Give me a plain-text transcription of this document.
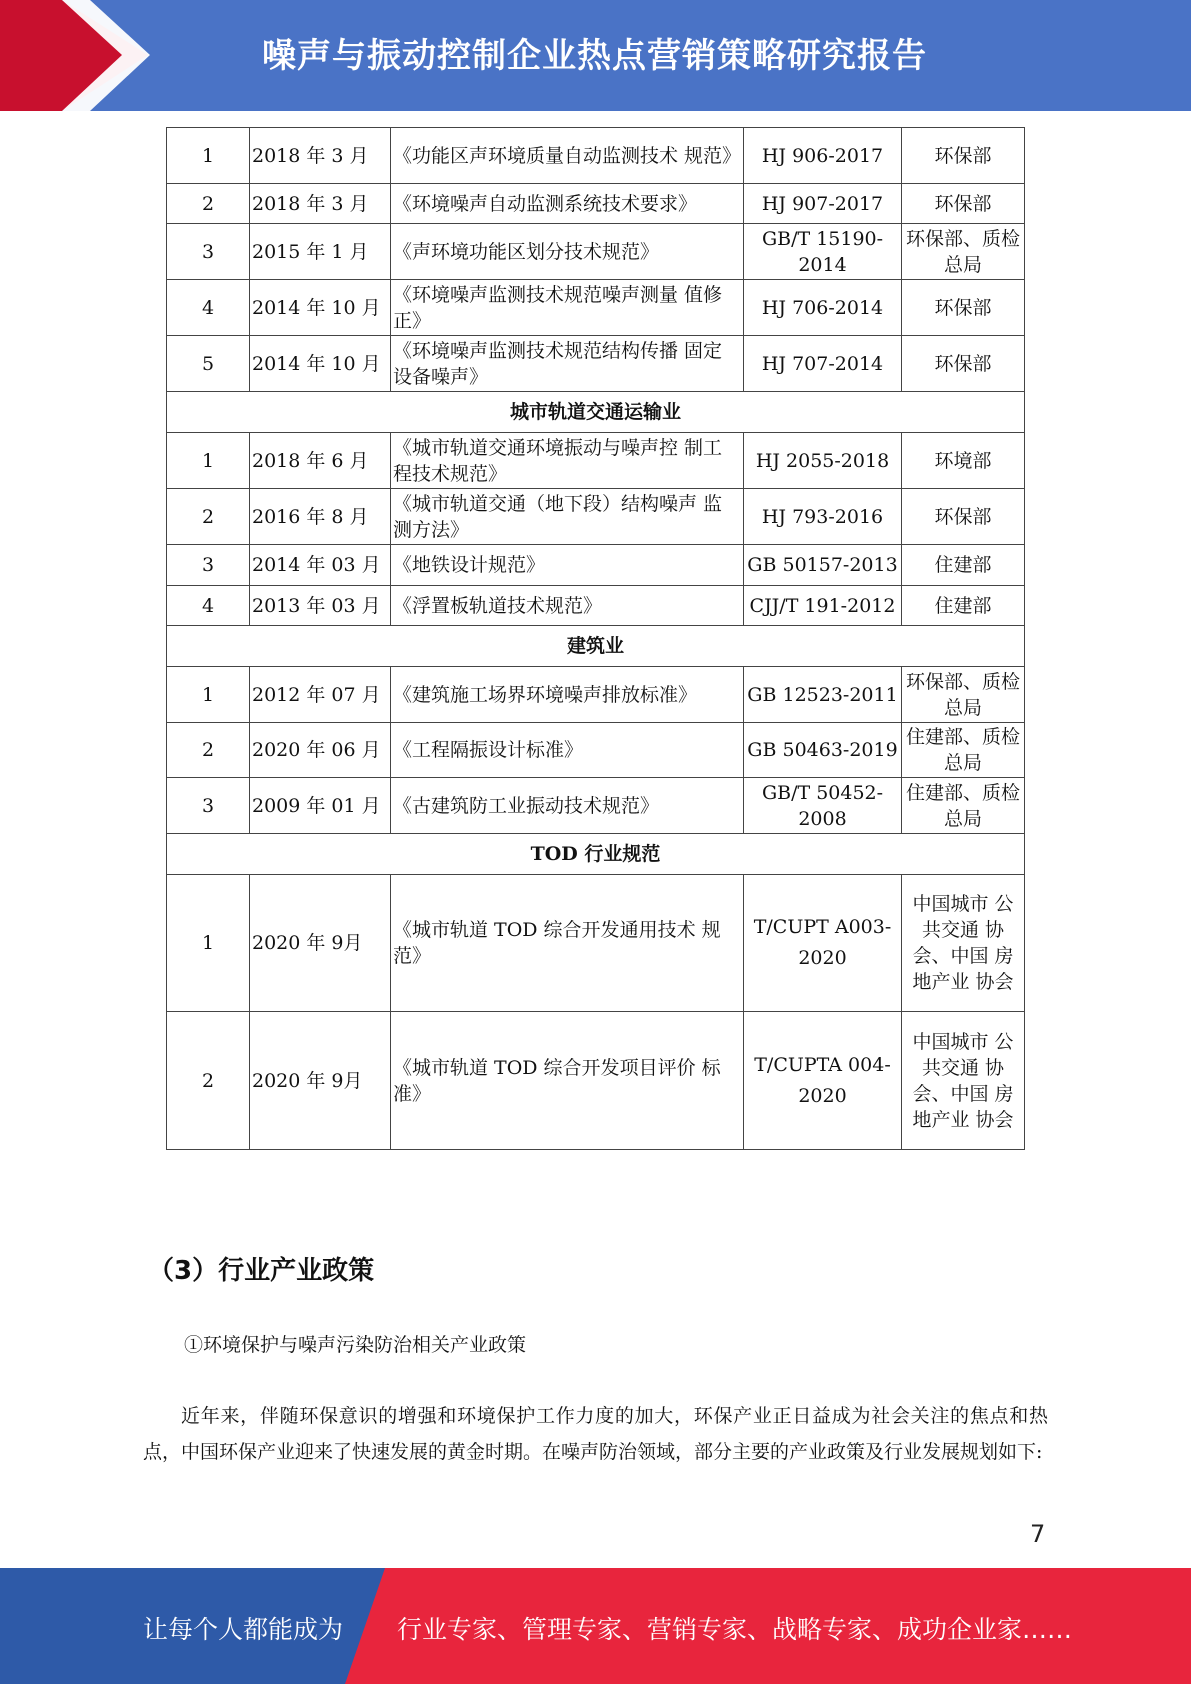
噪声与振动控制企业热点营销策略研究报告
1	2018 年 3 月	《功能区声环境质量自动监测技术 规范》	HJ 906-2017	环保部
2	2018 年 3 月	《环境噪声自动监测系统技术要求》	HJ 907-2017	环保部
3	2015 年 1 月	《声环境功能区划分技术规范》	GB/T 15190-2014	环保部、质检总局
4	2014 年 10 月	《环境噪声监测技术规范噪声测量 值修正》	HJ 706-2014	环保部
5	2014 年 10 月	《环境噪声监测技术规范结构传播 固定设备噪声》	HJ 707-2014	环保部
城市轨道交通运输业				
1	2018 年 6 月	《城市轨道交通环境振动与噪声控 制工程技术规范》	HJ 2055-2018	环境部
2	2016 年 8 月	《城市轨道交通（地下段）结构噪声 监测方法》	HJ 793-2016	环保部
3	2014 年 03 月	《地铁设计规范》	GB 50157-2013	住建部
4	2013 年 03 月	《浮置板轨道技术规范》	CJJ/T 191-2012	住建部
建筑业				
1	2012 年 07 月	《建筑施工场界环境噪声排放标准》	GB 12523-2011	环保部、质检总局
2	2020 年 06 月	《工程隔振设计标准》	GB 50463-2019	住建部、质检总局
3	2009 年 01 月	《古建筑防工业振动技术规范》	GB/T 50452-2008	住建部、质检总局
TOD 行业规范				
1	2020 年 9月	《城市轨道 TOD 综合开发通用技术 规范》	T/CUPT A003-2020	中国城市 公共交通 协会、中国 房地产业 协会
2	2020 年 9月	《城市轨道 TOD 综合开发项目评价 标准》	T/CUPTA 004-2020	中国城市 公共交通 协会、中国 房地产业 协会
（3）行业产业政策
①环境保护与噪声污染防治相关产业政策
近年来，伴随环保意识的增强和环境保护工作力度的加大，环保产业正日益成为社会关注的焦点和热点，中国环保产业迎来了快速发展的黄金时期。在噪声防治领域，部分主要的产业政策及行业发展规划如下:
7
让每个人都能成为 行业专家、管理专家、营销专家、战略专家、成功企业家……
